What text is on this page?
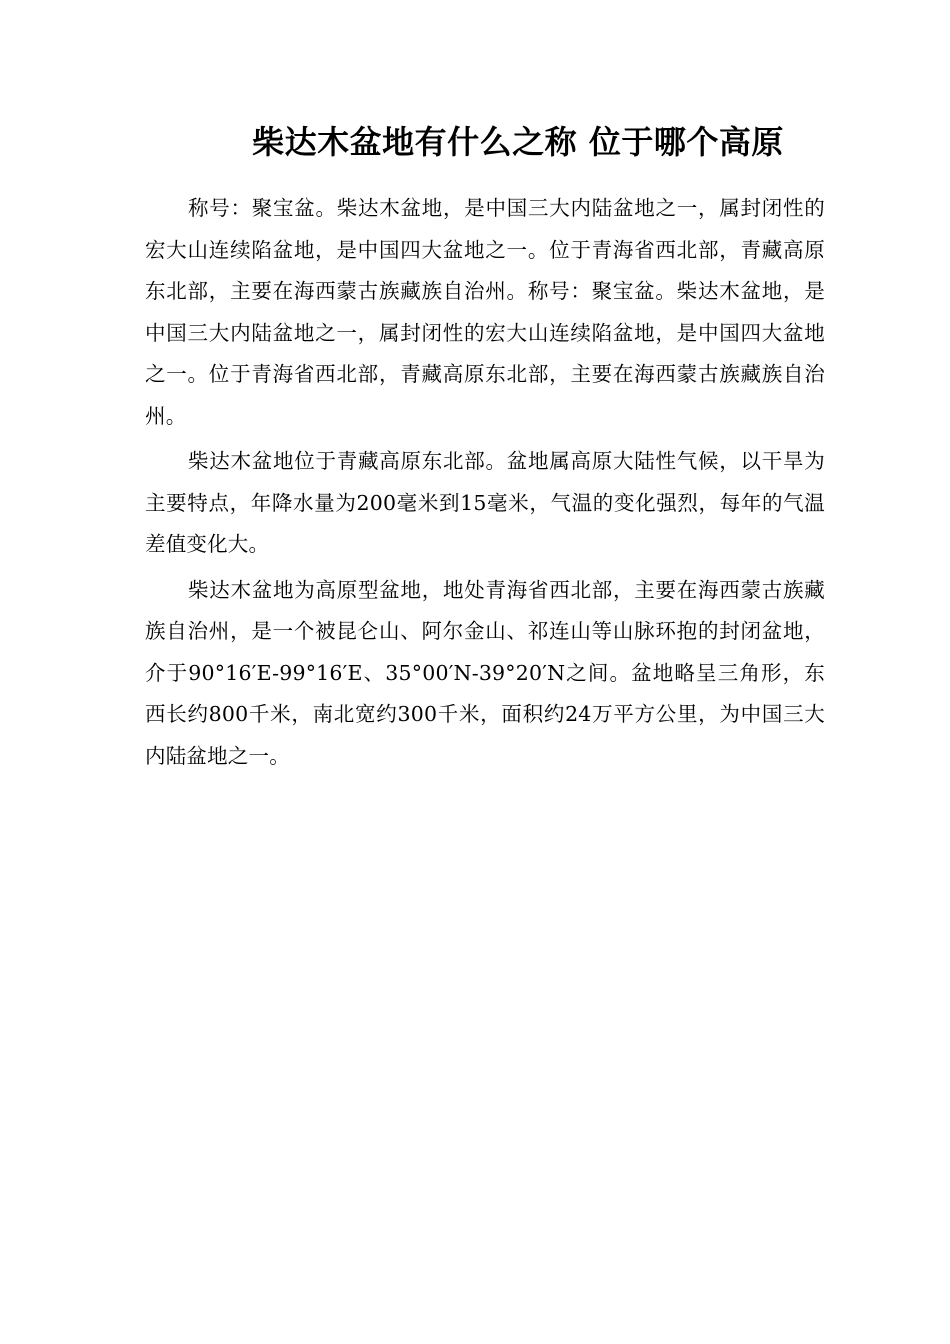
柴达木盆地有什么之称 位于哪个高原

称号：聚宝盆。柴达木盆地，是中国三大内陆盆地之一，属封闭性的宏大山连续陷盆地，是中国四大盆地之一。位于青海省西北部，青藏高原东北部，主要在海西蒙古族藏族自治州。称号：聚宝盆。柴达木盆地，是中国三大内陆盆地之一，属封闭性的宏大山连续陷盆地，是中国四大盆地之一。位于青海省西北部，青藏高原东北部，主要在海西蒙古族藏族自治州。

柴达木盆地位于青藏高原东北部。盆地属高原大陆性气候，以干旱为主要特点，年降水量为200毫米到15毫米，气温的变化强烈，每年的气温差值变化大。

柴达木盆地为高原型盆地，地处青海省西北部，主要在海西蒙古族藏族自治州，是一个被昆仑山、阿尔金山、祁连山等山脉环抱的封闭盆地，介于90°16′E-99°16′E、35°00′N-39°20′N之间。盆地略呈三角形，东西长约800千米，南北宽约300千米，面积约24万平方公里，为中国三大内陆盆地之一。
